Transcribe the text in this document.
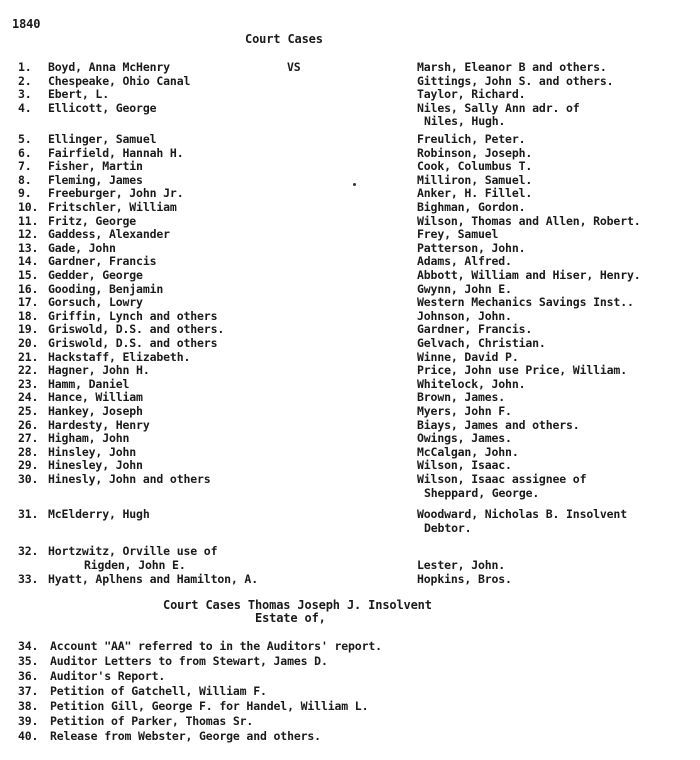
1840
Court Cases
1.	Boyd, Anna McHenry	VS	Marsh, Eleanor B and others.
2.	Chespeake, Ohio Canal	Gittings, John S. and others.
3.	Ebert, L.	Taylor, Richard.
4.	Ellicott, George	Niles, Sally Ann adr. of
Niles, Hugh.
5.	Ellinger, Samuel	Freulich, Peter.
6.	Fairfield, Hannah H.	Robinson, Joseph.
7.	Fisher, Martin	Cook, Columbus T.
8.	Fleming, James	Milliron, Samuel.
9.	Freeburger, John Jr.	Anker, H. Fillel.
10. Fritschler, William	Bighman, Gordon.
11. Fritz, George	Wilson, Thomas and Allen, Robert.
12. Gaddess, Alexander	Frey, Samuel
13. Gade, John	Patterson, John.
14. Gardner, Francis	Adams, Alfred.
15. Gedder, George	Abbott, William and Hiser, Henry.
16. Gooding, Benjamin	Gwynn, John E.
17. Gorsuch, Lowry	Western Mechanics Savings Inst..
18. Griffin, Lynch and others	Johnson, John.
19. Griswold, D.S. and others.	Gardner, Francis.
20. Griswold, D.S. and others	Gelvach, Christian.
21. Hackstaff, Elizabeth.	Winne, David P.
22. Hagner, John H.	Price, John use Price, William.
23. Hamm, Daniel	Whitelock, John.
24. Hance, William	Brown, James.
25. Hankey, Joseph	Myers, John F.
26. Hardesty, Henry	Biays, James and others.
27. Higham, John	Owings, James.
28. Hinsley, John	McCalgan, John.
29. Hinesley, John	Wilson, Isaac.
30. Hinesly, John and others	Wilson, Isaac assignee of
Sheppard, George.
31. McElderry, Hugh	Woodward, Nicholas B. Insolvent
Debtor.
32. Hortzwitz, Orville use of
Rigden, John E.	Lester, John.
33. Hyatt, Aplhens and Hamilton, A.	Hopkins, Bros.
Court Cases Thomas Joseph J. Insolvent
Estate of,
34. Account "AA" referred to in the Auditors' report.
35. Auditor Letters to from Stewart, James D.
36. Auditor's Report.
37. Petition of Gatchell, William F.
38. Petition Gill, George F. for Handel, William L.
39. Petition of Parker, Thomas Sr.
40. Release from Webster, George and others.
